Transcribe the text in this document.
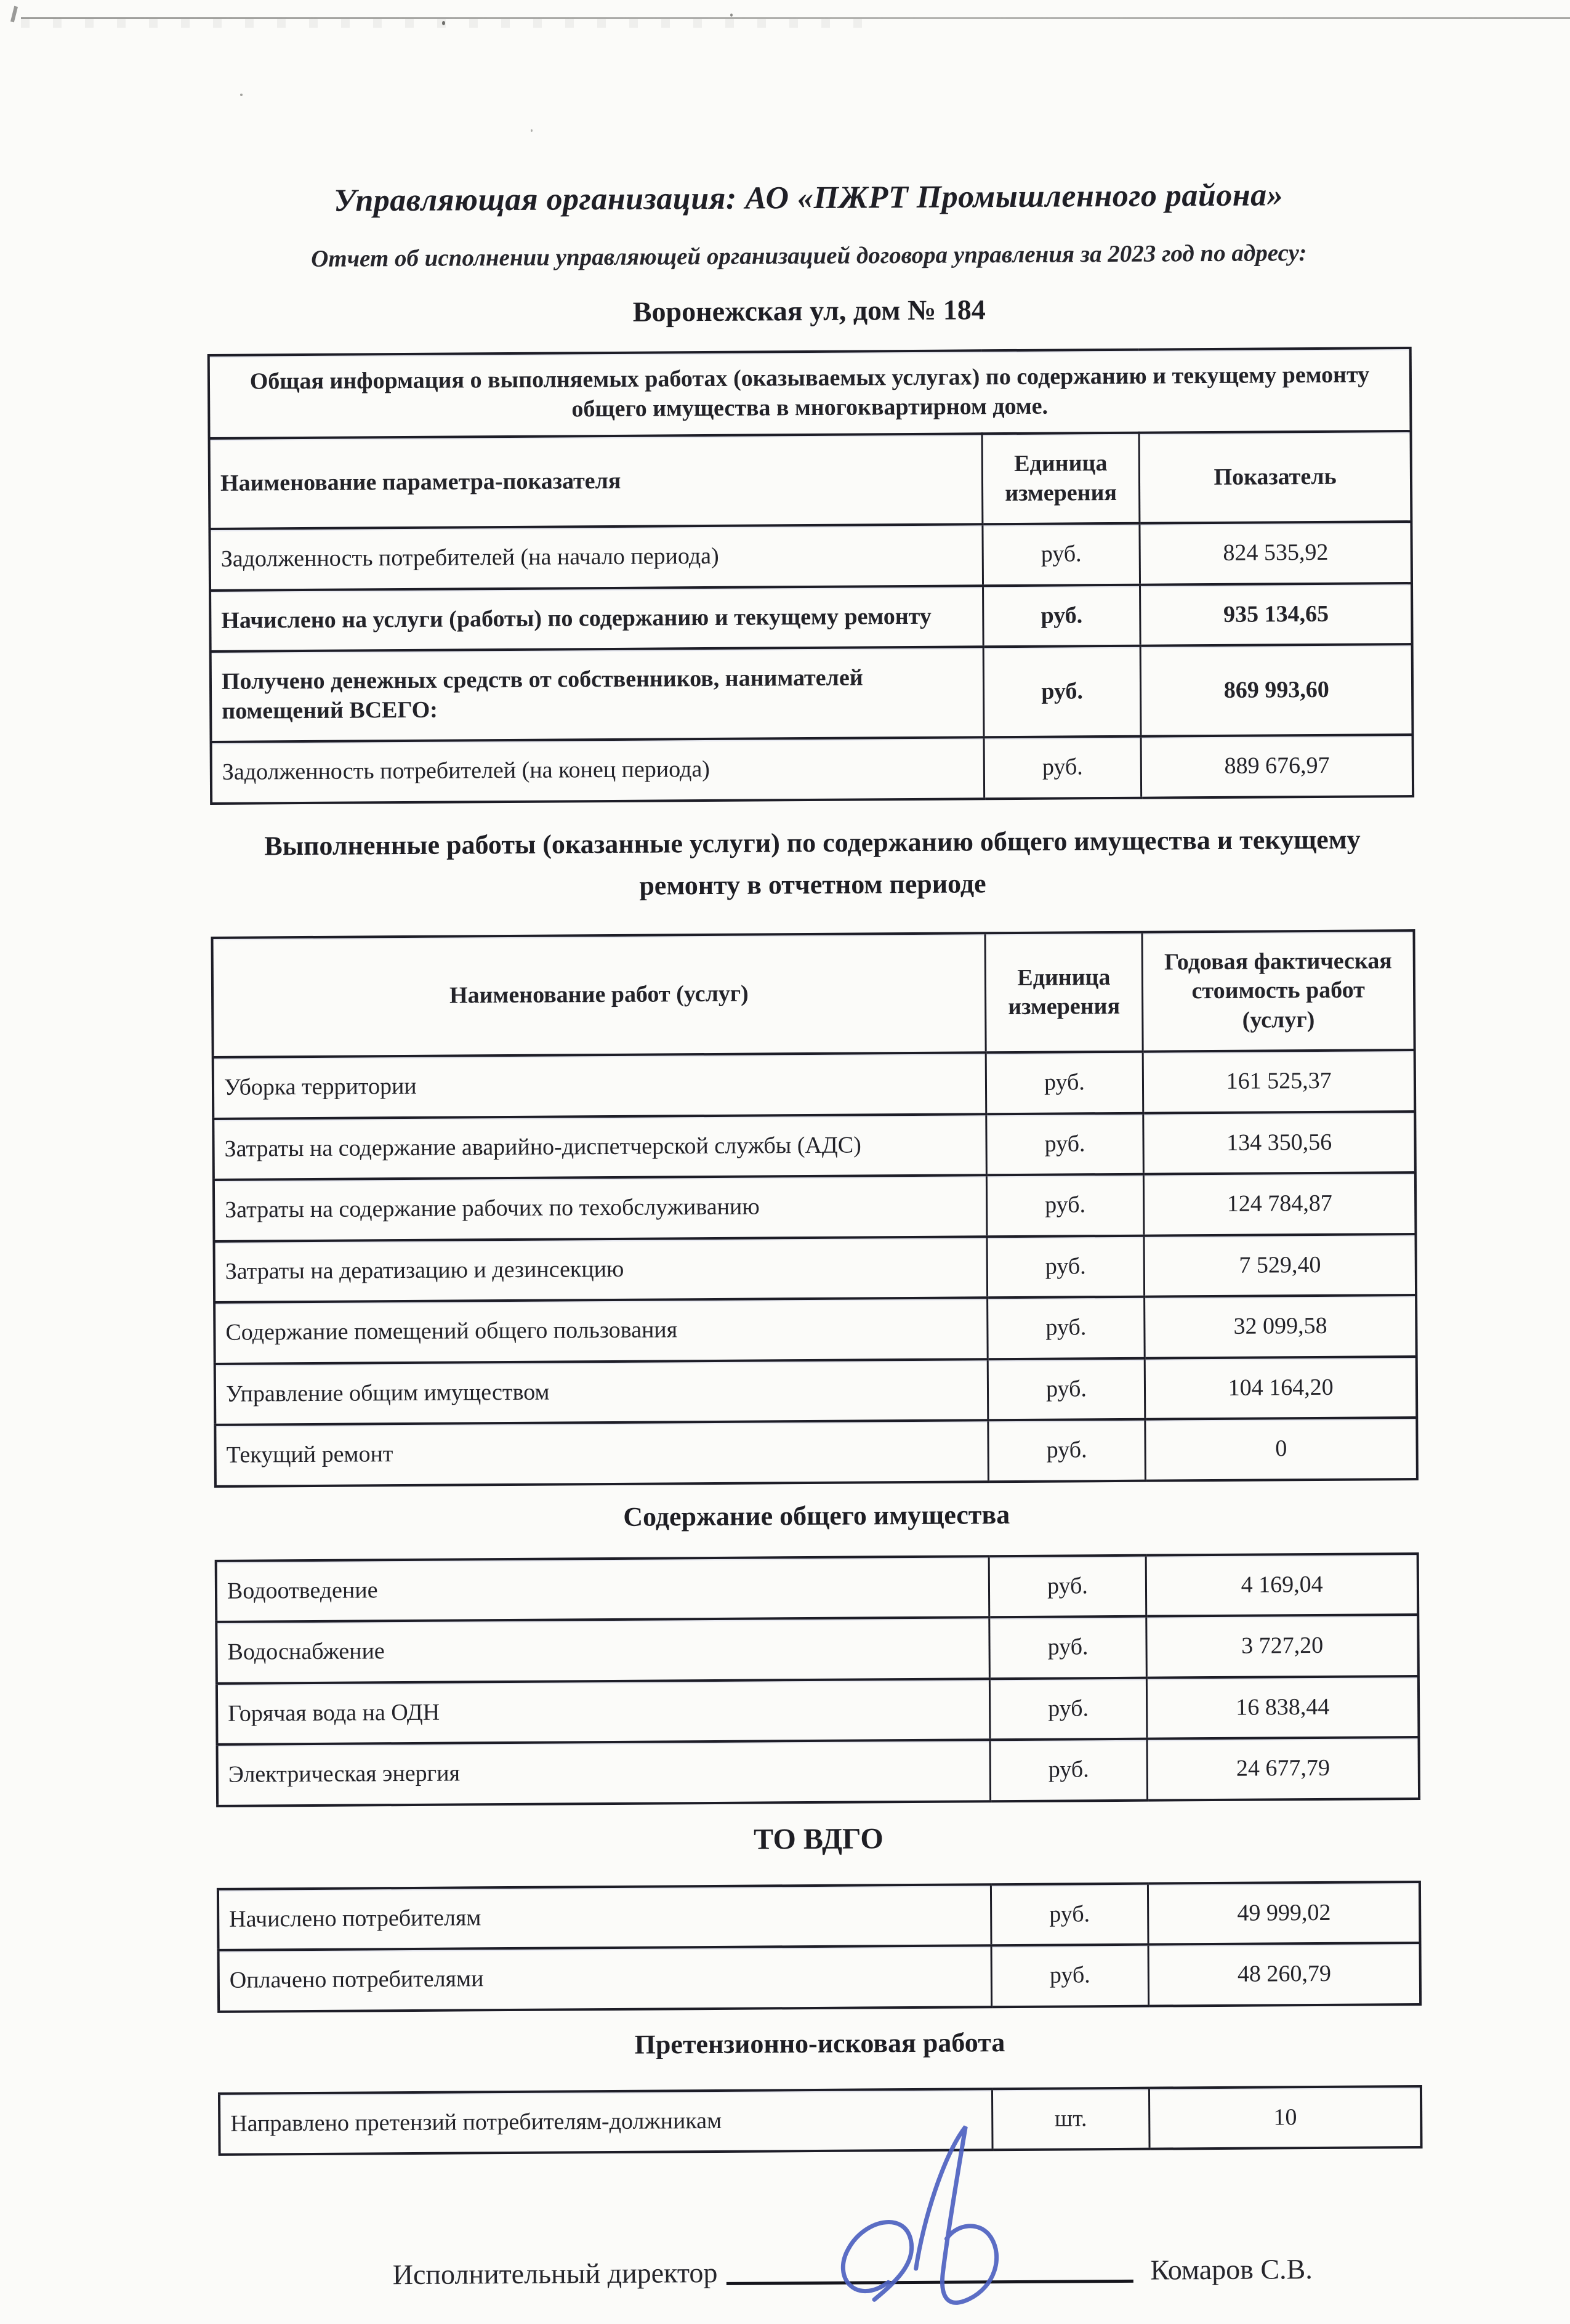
Управляющая организация: АО «ПЖРТ Промышленного района»
Отчет об исполнении управляющей организацией договора управления за 2023 год по адресу:
Воронежская ул, дом № 184
Общая информация о выполняемых работах (оказываемых услугах) по содержанию и текущему ремонту общего имущества в многоквартирном доме.		
Наименование параметра-показателя	Единица измерения	Показатель
Задолженность потребителей (на начало периода)	руб.	824 535,92
Начислено на услуги (работы) по содержанию и текущему ремонту	руб.	935 134,65
Получено денежных средств от собственников, нанимателей помещений ВСЕГО:	руб.	869 993,60
Задолженность потребителей (на конец периода)	руб.	889 676,97
Выполненные работы (оказанные услуги) по содержанию общего имущества и текущему ремонту в отчетном периоде
Наименование работ (услуг)	Единица измерения	Годовая фактическая стоимость работ (услуг)
Уборка территории	руб.	161 525,37
Затраты на содержание аварийно-диспетчерской службы (АДС)	руб.	134 350,56
Затраты на содержание рабочих по техобслуживанию	руб.	124 784,87
Затраты на дератизацию и дезинсекцию	руб.	7 529,40
Содержание помещений общего пользования	руб.	32 099,58
Управление общим имуществом	руб.	104 164,20
Текущий ремонт	руб.	0
Содержание общего имущества
Водоотведение	руб.	4 169,04
Водоснабжение	руб.	3 727,20
Горячая вода на ОДН	руб.	16 838,44
Электрическая энергия	руб.	24 677,79
ТО ВДГО
Начислено потребителям	руб.	49 999,02
Оплачено потребителями	руб.	48 260,79
Претензионно-исковая работа
Направлено претензий потребителям-должникам	шт.	10
Исполнительный директор	Комаров С.В.
